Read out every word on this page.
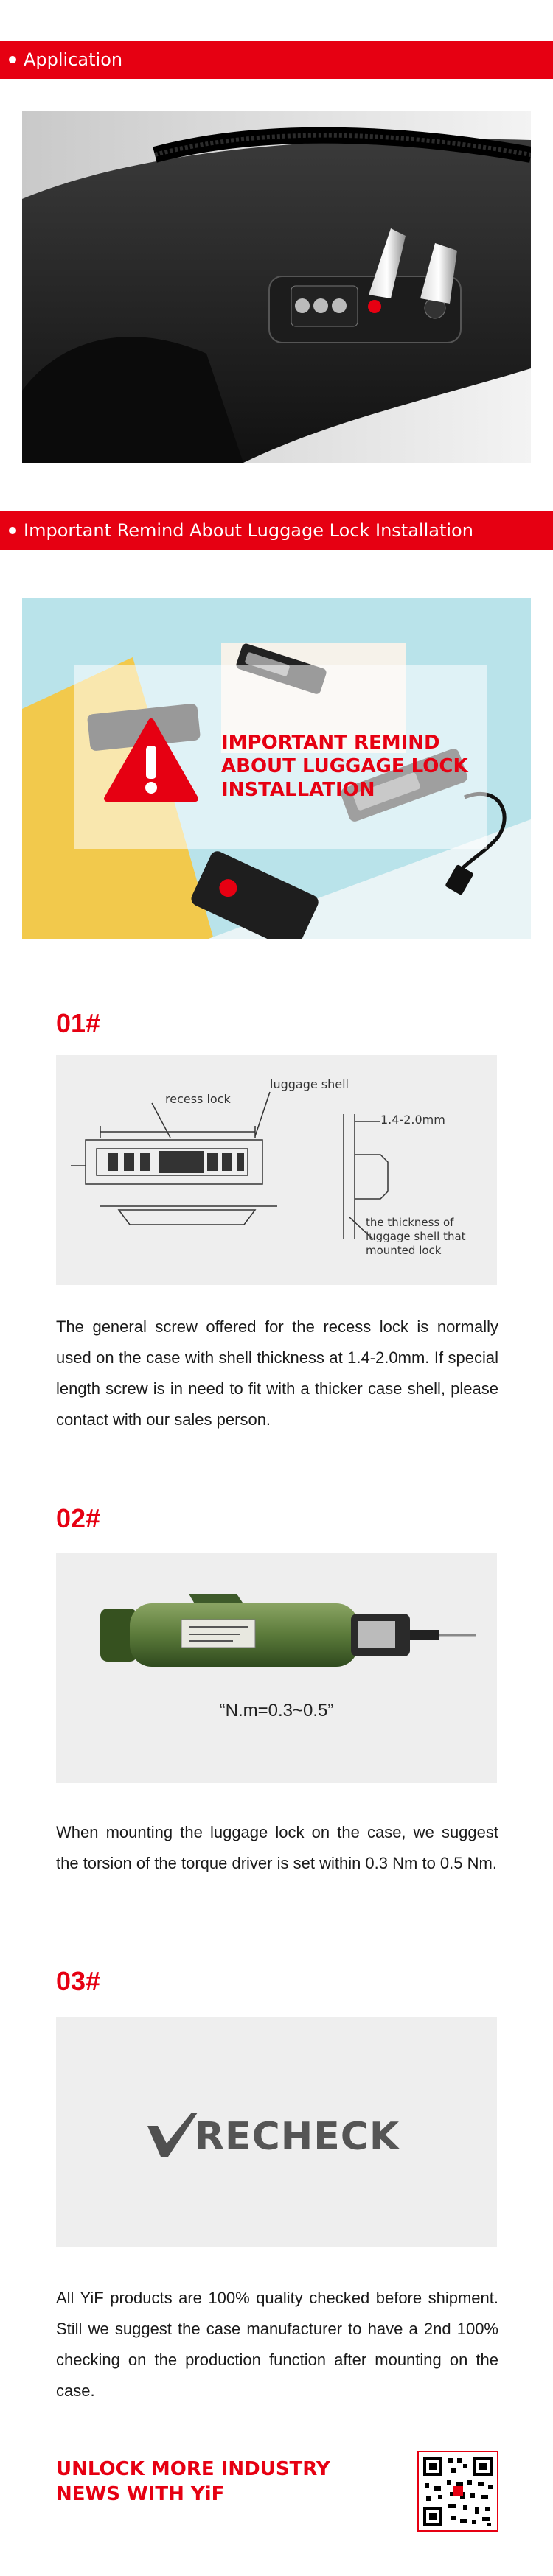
Application
Important Remind About Luggage Lock Installation
IMPORTANT REMIND
ABOUT LUGGAGE LOCK
INSTALLATION
01#
recess lock
luggage shell
1.4-2.0mm
the thickness of luggage shell that mounted lock
The general screw offered for the recess lock is normally used on the case with shell thickness at 1.4-2.0mm. If special length screw is in need to fit with a thicker case shell, please contact with our sales person.
02#
“N.m=0.3~0.5”
When mounting the luggage lock on the case, we suggest the torsion of the torque driver is set within 0.3 Nm to 0.5 Nm.
03#
RECHECK
All YiF products are 100% quality checked before shipment. Still we suggest the case manufacturer to have a 2nd 100% checking on the production function after mounting on the case.
UNLOCK MORE INDUSTRY
NEWS WITH YiF
